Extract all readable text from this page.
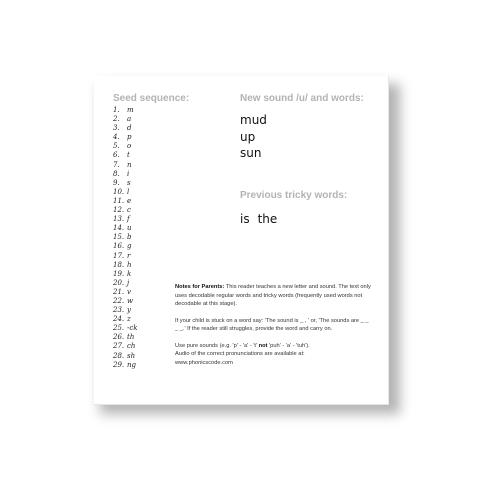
Seed sequence:
1. m
2. a
3. d
4. p
5. o
6. t
7. n
8. i
9. s
10. l
11. e
12. c
13. f
14. u
15. b
16. g
17. r
18. h
19. k
20. j
21. v
22. w
23. y
24. z
25. -ck
26. th
27. ch
28. sh
29. ng
New sound /u/ and words:
mud
up
sun
Previous tricky words:
is the

Notes for Parents: This reader teaches a new letter and sound. The text only uses decodable regular words and tricky words (frequently used words not decodable at this stage).

If your child is stuck on a word say: 'The sound is _ , ' or, 'The sounds are _ _ _ _.' If the reader still struggles, provide the word and carry on.

Use pure sounds (e.g. 'p' - 'a' - 't' not 'puh' - 'a' - 'tuh').
Audio of the correct pronunciations are available at:
www.phonicscode.com
